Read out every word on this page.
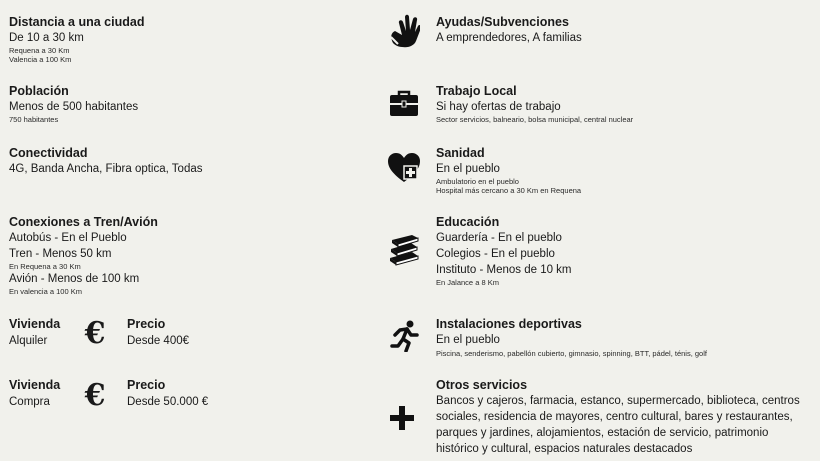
Distancia a una ciudad
De 10 a 30 km
Requena a 30 Km
Valencia a 100 Km
Población
Menos de 500 habitantes
750 habitantes
Conectividad
4G, Banda Ancha, Fibra optica, Todas
Conexiones a Tren/Avión
Autobús - En el Pueblo
Tren - Menos 50 km
En Requena a 30 Km
Avión - Menos de 100 km
En valencia a 100 Km
Vivienda
Alquiler	€ Precio
Desde 400€
Vivienda
Compra	€ Precio
Desde 50.000 €
Ayudas/Subvenciones
A emprendedores, A familias
Trabajo Local
Si hay ofertas de trabajo
Sector servicios, balneario, bolsa municipal, central nuclear
Sanidad
En el pueblo
Ambulatorio en el pueblo
Hospital más cercano a 30 Km en Requena
Educación
Guardería - En el pueblo
Colegios - En el pueblo
Instituto - Menos de 10 km
En Jalance a 8 Km
Instalaciones deportivas
En el pueblo
Piscina, senderismo, pabellón cubierto, gimnasio, spinning, BTT, pádel, ténis, golf
Otros servicios
Bancos y cajeros, farmacia, estanco, supermercado, biblioteca, centros
sociales, residencia de mayores, centro cultural, bares y restaurantes,
parques y jardines, alojamientos, estación de servicio, patrimonio
histórico y cultural, espacios naturales destacados
